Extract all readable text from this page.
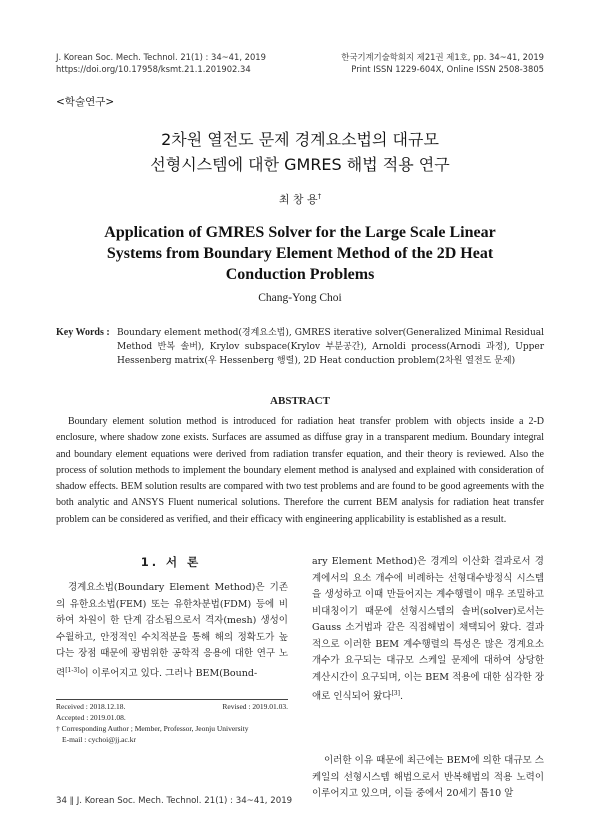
J. Korean Soc. Mech. Technol. 21(1) : 34~41, 2019
https://doi.org/10.17958/ksmt.21.1.201902.34
한국기계기술학회지 제21권 제1호, pp. 34~41, 2019
Print ISSN 1229-604X, Online ISSN 2508-3805
<학술연구>
2차원 열전도 문제 경계요소법의 대규모
선형시스템에 대한 GMRES 해법 적용 연구
최 창 용†
Application of GMRES Solver for the Large Scale Linear
Systems from Boundary Element Method of the 2D Heat
Conduction Problems
Chang-Yong Choi
Key Words : Boundary element method(경계요소법), GMRES iterative solver(Generalized Minimal Residual Method 반복 솔버), Krylov subspace(Krylov 부분공간), Arnoldi process(Arnodi 과정), Upper Hessenberg matrix(우 Hessenberg 행렬), 2D Heat conduction problem(2차원 열전도 문제)
ABSTRACT
Boundary element solution method is introduced for radiation heat transfer problem with objects inside a 2-D enclosure, where shadow zone exists. Surfaces are assumed as diffuse gray in a transparent medium. Boundary integral and boundary element equations were derived from radiation transfer equation, and their theory is reviewed. Also the process of solution methods to implement the boundary element method is analysed and explained with consideration of shadow effects. BEM solution results are compared with two test problems and are found to be good agreements with the both analytic and ANSYS Fluent numerical solutions. Therefore the current BEM analysis for radiation heat transfer problem can be considered as verified, and their efficacy with engineering applicability is established as a result.
1. 서 론
경계요소법(Boundary Element Method)은 기존의 유한요소법(FEM) 또는 유한차분법(FDM) 등에 비하여 차원이 한 단계 감소됨으로서 격자(mesh) 생성이 수월하고, 안정적인 수치적분을 통해 해의 정확도가 높다는 장점 때문에 광범위한 공학적 응용에 대한 연구 노력[1-3]이 이루어지고 있다. 그러나 BEM(Bound-
Received : 2018.12.18.	Revised : 2019.01.03.
Accepted : 2019.01.08.
† Corresponding Author ; Member, Professor, Jeonju University
E-mail : cychoi@jj.ac.kr
ary Element Method)은 경계의 이산화 결과로서 경계에서의 요소 개수에 비례하는 선형대수방정식 시스템을 생성하고 이때 만들어지는 계수행렬이 매우 조밀하고 비대칭이기 때문에 선형시스템의 솔버(solver)로서는 Gauss 소거법과 같은 직접해법이 채택되어 왔다. 결과적으로 이러한 BEM 계수행렬의 특성은 많은 경계요소 개수가 요구되는 대규모 스케일 문제에 대하여 상당한 계산시간이 요구되며, 이는 BEM 적용에 대한 심각한 장애로 인식되어 왔다[3].
이러한 이유 때문에 최근에는 BEM에 의한 대규모 스케일의 선형시스템 해법으로서 반복해법의 적용 노력이 이루어지고 있으며, 이들 중에서 20세기 톱10 알
34 ∥ J. Korean Soc. Mech. Technol. 21(1) : 34~41, 2019
